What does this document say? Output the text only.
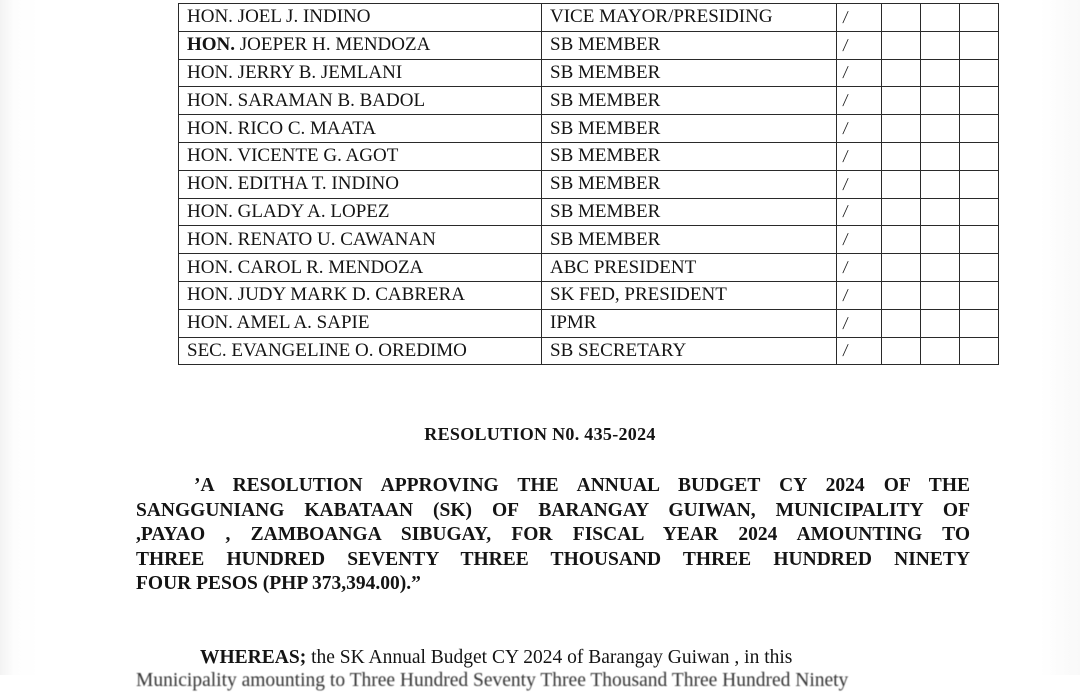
HON. JOEL J. INDINO	VICE MAYOR/PRESIDING	/			
HON. JOEPER H. MENDOZA	SB MEMBER	/			
HON. JERRY B. JEMLANI	SB MEMBER	/			
HON. SARAMAN B. BADOL	SB MEMBER	/			
HON. RICO C. MAATA	SB MEMBER	/			
HON. VICENTE G. AGOT	SB MEMBER	/			
HON. EDITHA T. INDINO	SB MEMBER	/			
HON. GLADY A. LOPEZ	SB MEMBER	/			
HON. RENATO U. CAWANAN	SB MEMBER	/			
HON. CAROL R. MENDOZA	ABC PRESIDENT	/			
HON. JUDY MARK D. CABRERA	SK FED, PRESIDENT	/			
HON. AMEL A. SAPIE	IPMR	/			
SEC. EVANGELINE O. OREDIMO	SB SECRETARY	/			
RESOLUTION N0. 435-2024

’A RESOLUTION APPROVING THE ANNUAL BUDGET CY 2024 OF THE
SANGGUNIANG KABATAAN (SK) OF BARANGAY GUIWAN, MUNICIPALITY OF
,PAYAO , ZAMBOANGA SIBUGAY, FOR FISCAL YEAR 2024 AMOUNTING TO
THREE HUNDRED SEVENTY THREE THOUSAND THREE HUNDRED NINETY
FOUR PESOS (PHP 373,394.00).”

WHEREAS; the SK Annual Budget CY 2024 of Barangay Guiwan , in this
Municipality amounting to Three Hundred Seventy Three Thousand Three Hundred Ninety
